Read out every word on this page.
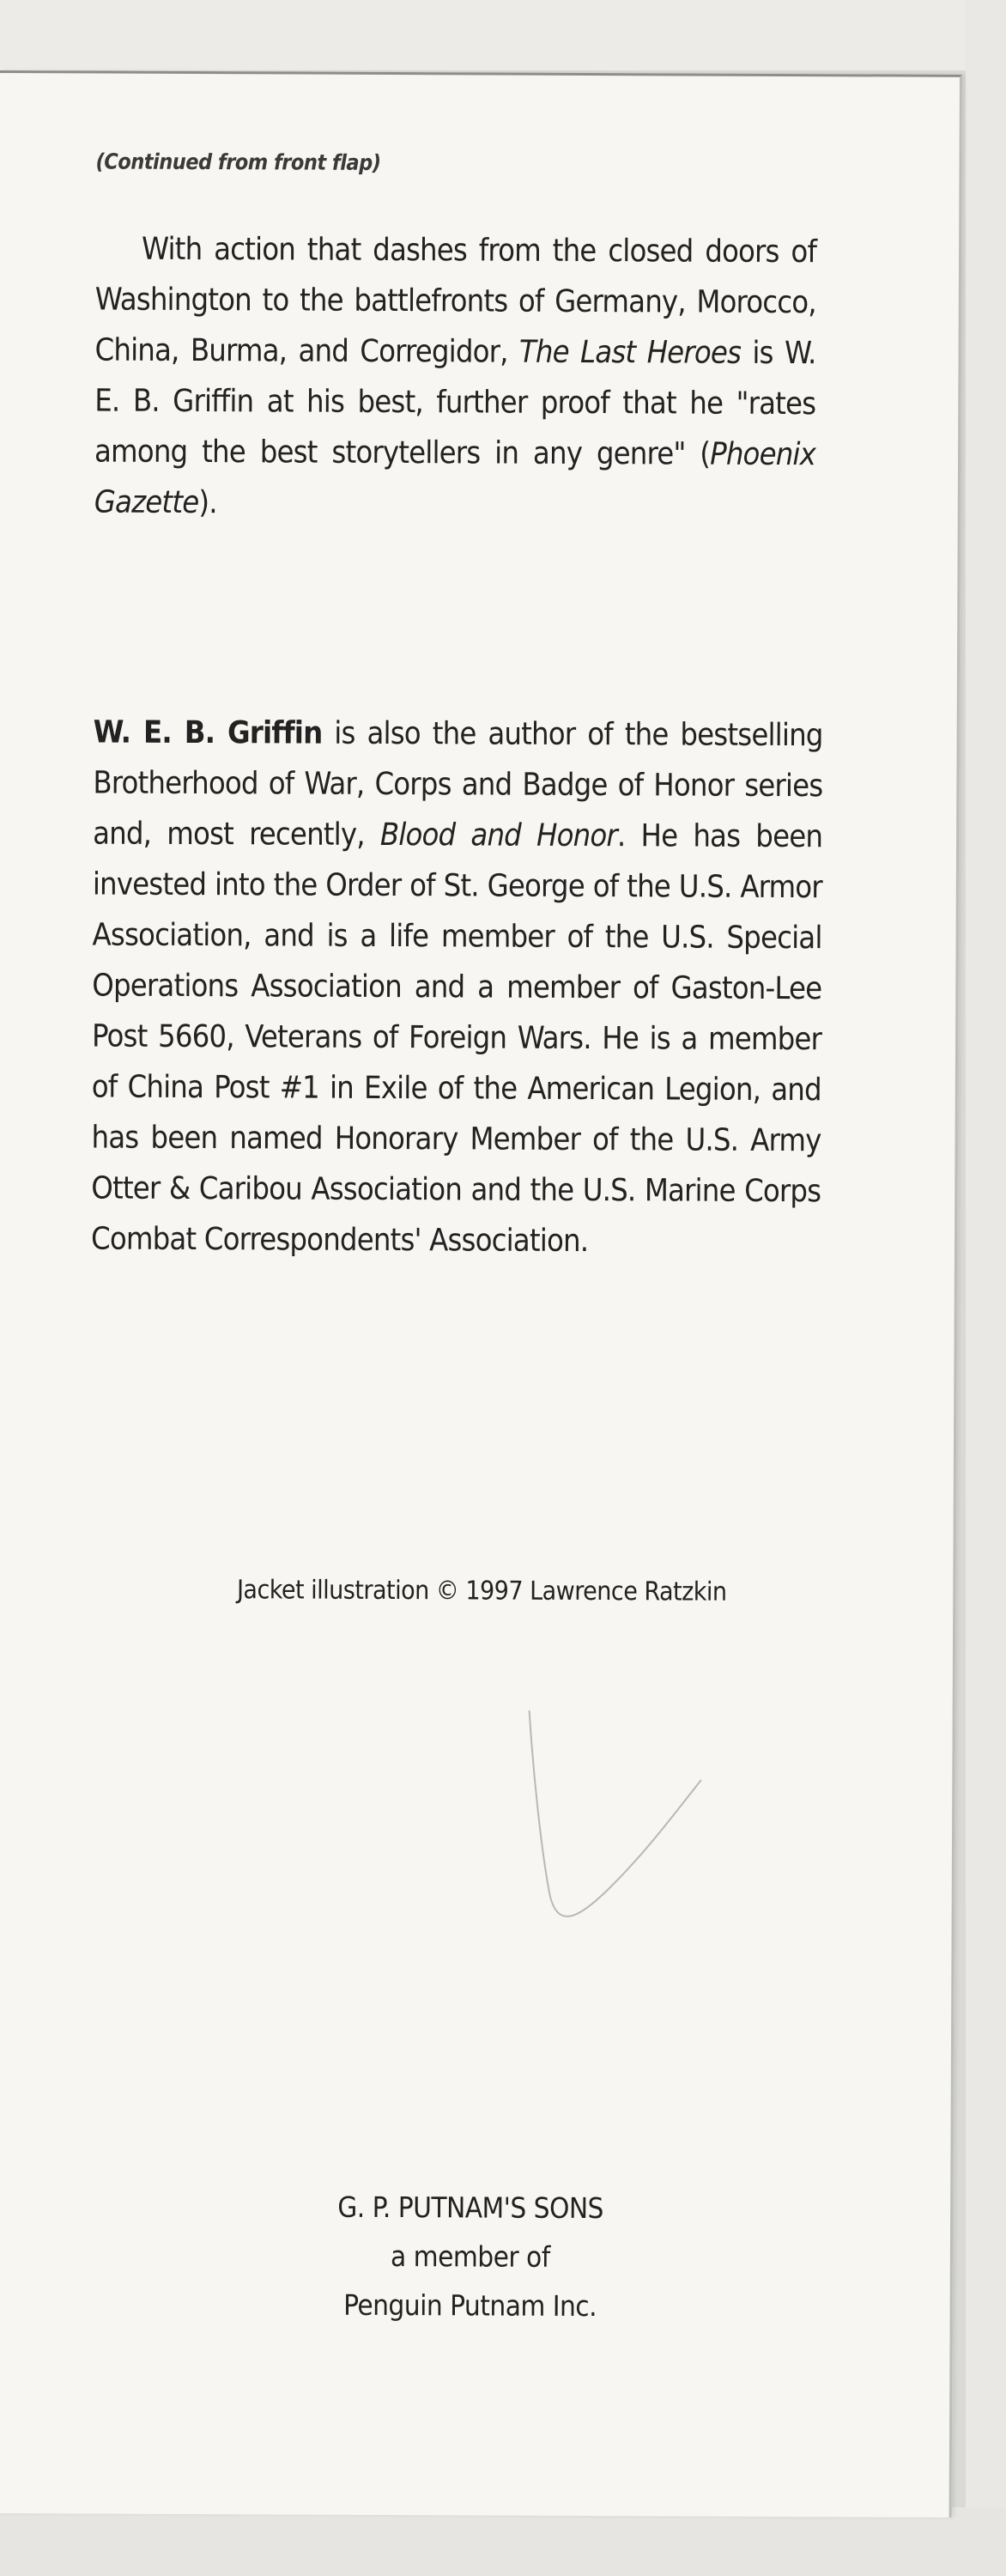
(Continued from front flap)
With action that dashes from the closed doors of Washington to the battlefronts of Germany, Morocco, China, Burma, and Corregidor, The Last Heroes is W. E. B. Griffin at his best, further proof that he "rates among the best storytellers in any genre" (Phoenix Gazette).
W. E. B. Griffin is also the author of the bestselling Brotherhood of War, Corps and Badge of Honor series and, most recently, Blood and Honor. He has been invested into the Order of St. George of the U.S. Armor Association, and is a life member of the U.S. Special Operations Association and a member of Gaston-Lee Post 5660, Veterans of Foreign Wars. He is a member of China Post #1 in Exile of the American Legion, and has been named Honorary Member of the U.S. Army Otter & Caribou Association and the U.S. Marine Corps Combat Correspondents' Association.
Jacket illustration © 1997 Lawrence Ratzkin
G. P. PUTNAM'S SONS
a member of
Penguin Putnam Inc.
